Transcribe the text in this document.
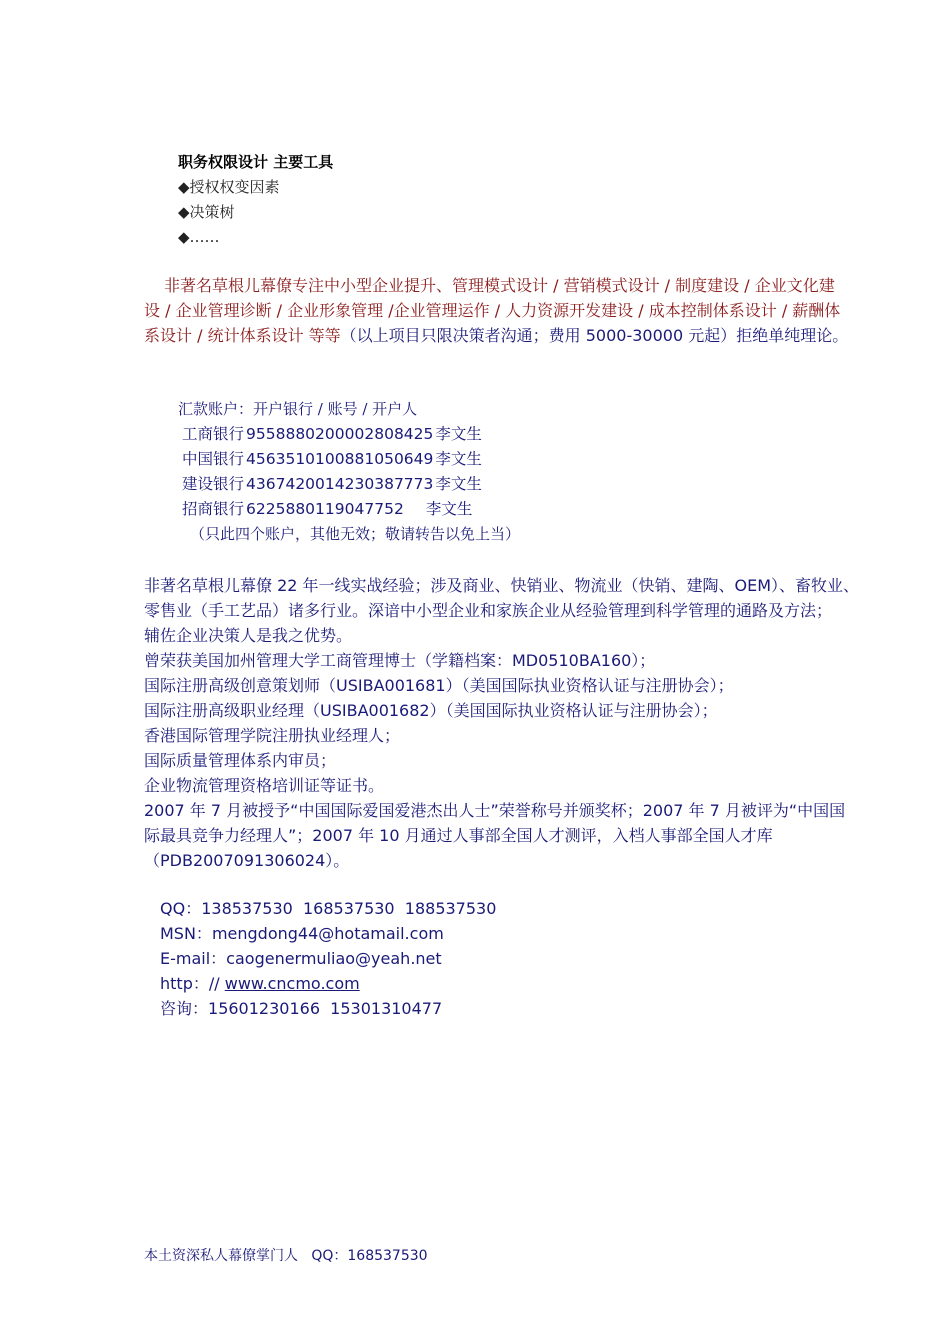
职务权限设计 主要工具
◆授权权变因素
◆决策树
◆……
非著名草根儿幕僚专注中小型企业提升、管理模式设计 / 营销模式设计 / 制度建设 / 企业文化建设 / 企业管理诊断 / 企业形象管理 /企业管理运作 / 人力资源开发建设 / 成本控制体系设计 / 薪酬体系设计 / 统计体系设计 等等（以上项目只限决策者沟通；费用 5000-30000 元起）拒绝单纯理论。
汇款账户：开户银行 / 账号 / 开户人
工商银行 9558880200002808425 李文生
中国银行 4563510100881050649 李文生
建设银行 4367420014230387773 李文生
招商银行 6225880119047752 李文生
（只此四个账户，其他无效；敬请转告以免上当）
非著名草根儿幕僚 22 年一线实战经验；涉及商业、快销业、物流业（快销、建陶、OEM）、畜牧业、
零售业（手工艺品）诸多行业。深谙中小型企业和家族企业从经验管理到科学管理的通路及方法；
辅佐企业决策人是我之优势。
曾荣获美国加州管理大学工商管理博士（学籍档案：MD0510BA160）；
国际注册高级创意策划师（USIBA001681）（美国国际执业资格认证与注册协会）；
国际注册高级职业经理（USIBA001682）（美国国际执业资格认证与注册协会）；
香港国际管理学院注册执业经理人；
国际质量管理体系内审员；
企业物流管理资格培训证等证书。
2007 年 7 月被授予“中国国际爱国爱港杰出人士”荣誉称号并颁奖杯；2007 年 7 月被评为“中国国
际最具竞争力经理人”；2007 年 10 月通过人事部全国人才测评，入档人事部全国人才库
（PDB2007091306024）。
QQ：138537530  168537530  188537530
MSN：mengdong44@hotamail.com
E-mail：caogenermuliao@yeah.net
http：// www.cncmo.com
咨询：15601230166  15301310477
本土资深私人幕僚掌门人   QQ：168537530
